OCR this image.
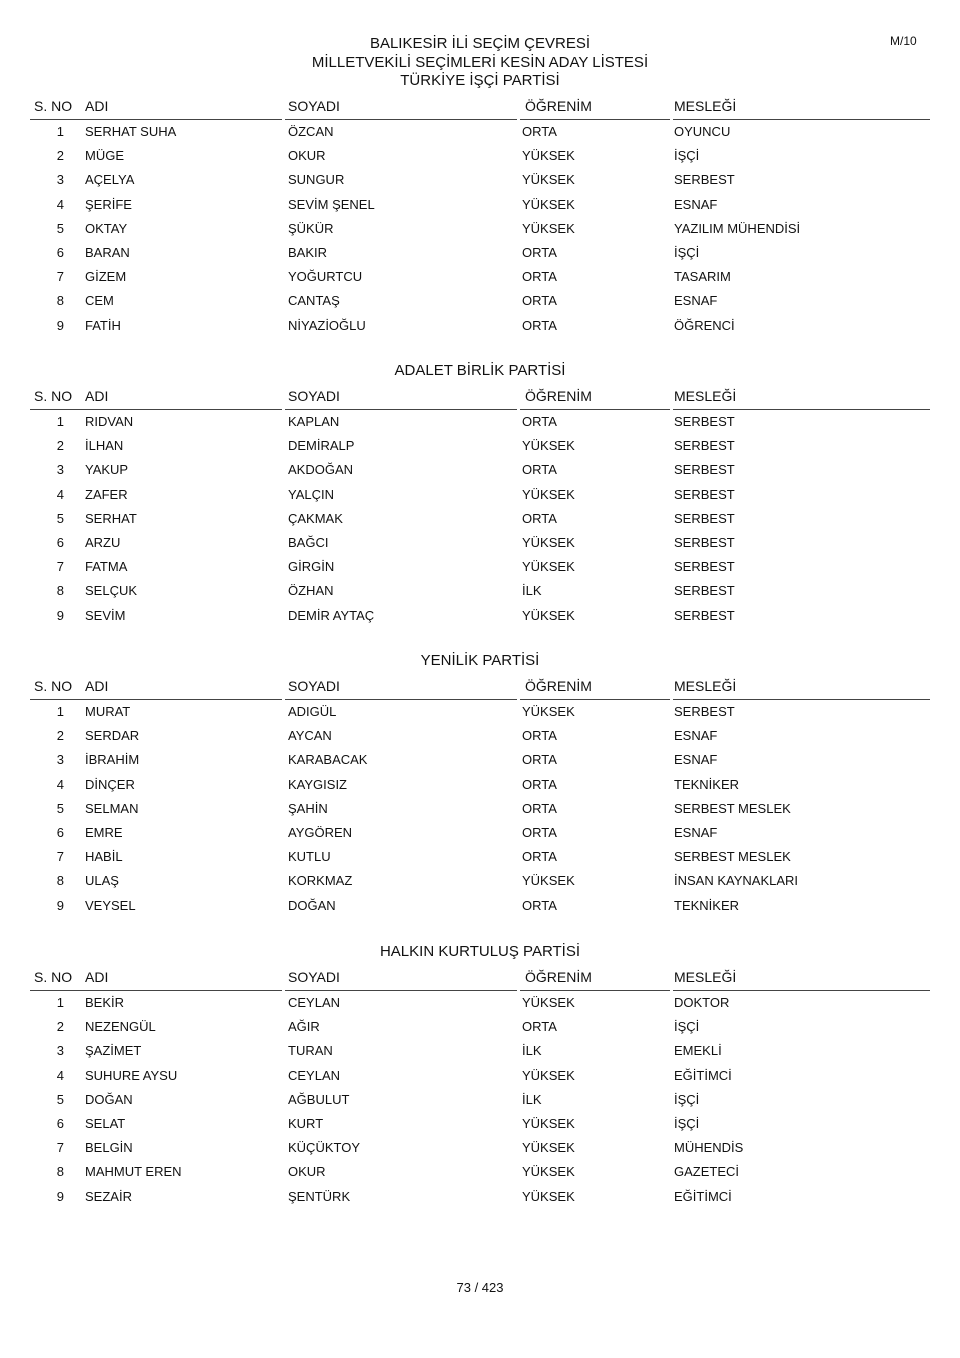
BALIKESİR İLİ SEÇİM ÇEVRESİ
MİLLETVEKİLİ SEÇİMLERİ KESİN ADAY LİSTESİ
M/10
TÜRKİYE İŞÇİ PARTİSİ
S. NO ADI	SOYADI	ÖĞRENİM	MESLEĞİ
1 SERHAT SUHA	ÖZCAN	ORTA	OYUNCU
2 MÜGE	OKUR	YÜKSEK	İŞÇİ
3 AÇELYA	SUNGUR	YÜKSEK	SERBEST
4 ŞERİFE	SEVİM ŞENEL	YÜKSEK	ESNAF
5 OKTAY	ŞÜKÜR	YÜKSEK	YAZILIM MÜHENDİSİ
6 BARAN	BAKIR	ORTA	İŞÇİ
7 GİZEM	YOĞURTCU	ORTA	TASARIM
8 CEM	CANTAŞ	ORTA	ESNAF
9 FATİH	NİYAZİOĞLU	ORTA	ÖĞRENCİ
ADALET BİRLİK PARTİSİ
S. NO ADI	SOYADI	ÖĞRENİM	MESLEĞİ
1 RIDVAN	KAPLAN	ORTA	SERBEST
2 İLHAN	DEMİRALP	YÜKSEK	SERBEST
3 YAKUP	AKDOĞAN	ORTA	SERBEST
4 ZAFER	YALÇIN	YÜKSEK	SERBEST
5 SERHAT	ÇAKMAK	ORTA	SERBEST
6 ARZU	BAĞCI	YÜKSEK	SERBEST
7 FATMA	GİRGİN	YÜKSEK	SERBEST
8 SELÇUK	ÖZHAN	İLK	SERBEST
9 SEVİM	DEMİR AYTAÇ	YÜKSEK	SERBEST
YENİLİK PARTİSİ
S. NO ADI	SOYADI	ÖĞRENİM	MESLEĞİ
1 MURAT	ADIGÜL	YÜKSEK	SERBEST
2 SERDAR	AYCAN	ORTA	ESNAF
3 İBRAHİM	KARABACAK	ORTA	ESNAF
4 DİNÇER	KAYGISIZ	ORTA	TEKNİKER
5 SELMAN	ŞAHİN	ORTA	SERBEST MESLEK
6 EMRE	AYGÖREN	ORTA	ESNAF
7 HABİL	KUTLU	ORTA	SERBEST MESLEK
8 ULAŞ	KORKMAZ	YÜKSEK	İNSAN KAYNAKLARI
9 VEYSEL	DOĞAN	ORTA	TEKNİKER
HALKIN KURTULUŞ PARTİSİ
S. NO ADI	SOYADI	ÖĞRENİM	MESLEĞİ
1 BEKİR	CEYLAN	YÜKSEK	DOKTOR
2 NEZENGÜL	AĞIR	ORTA	İŞÇİ
3 ŞAZİMET	TURAN	İLK	EMEKLİ
4 SUHURE AYSU	CEYLAN	YÜKSEK	EĞİTİMCİ
5 DOĞAN	AĞBULUT	İLK	İŞÇİ
6 SELAT	KURT	YÜKSEK	İŞÇİ
7 BELGİN	KÜÇÜKTOY	YÜKSEK	MÜHENDİS
8 MAHMUT EREN	OKUR	YÜKSEK	GAZETECİ
9 SEZAİR	ŞENTÜRK	YÜKSEK	EĞİTİMCİ
73 / 423
